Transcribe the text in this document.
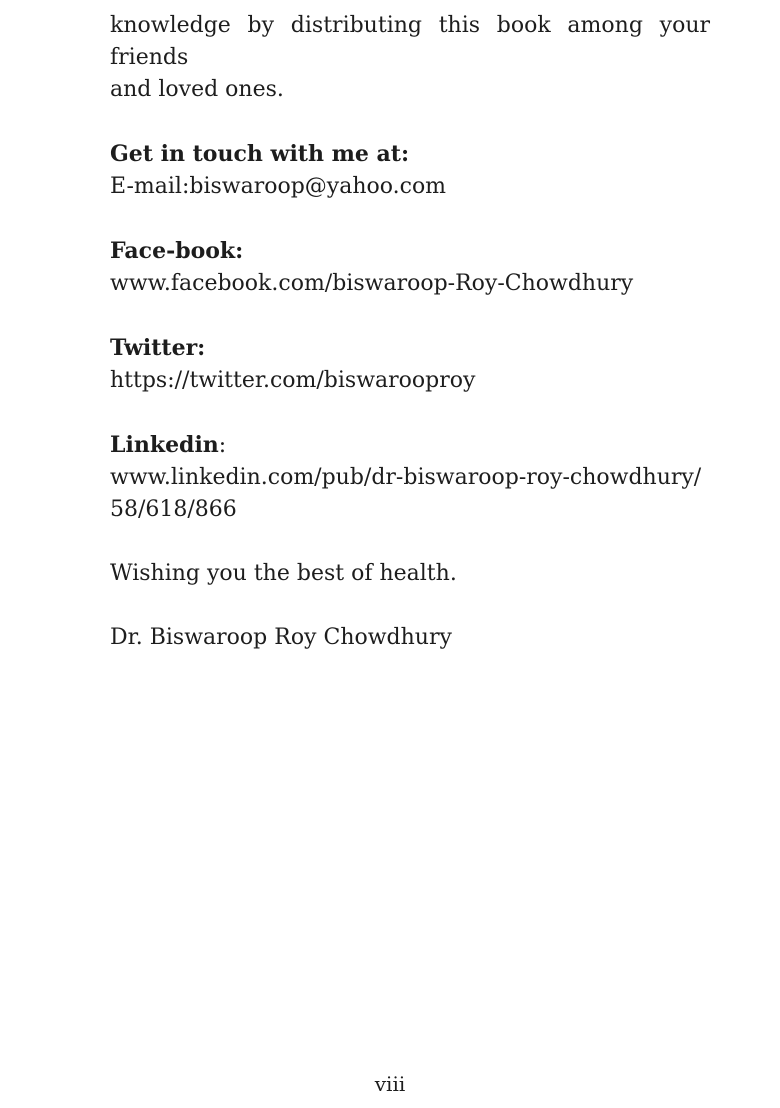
knowledge by distributing this book among your friends
and loved ones.

Get in touch with me at:
E-mail:biswaroop@yahoo.com
Face-book:
www.facebook.com/biswaroop-Roy-Chowdhury
Twitter:
https://twitter.com/biswarooproy
Linkedin:
www.linkedin.com/pub/dr-biswaroop-roy-chowdhury/
58/618/866
Wishing you the best of health.
Dr. Biswaroop Roy Chowdhury
viii
